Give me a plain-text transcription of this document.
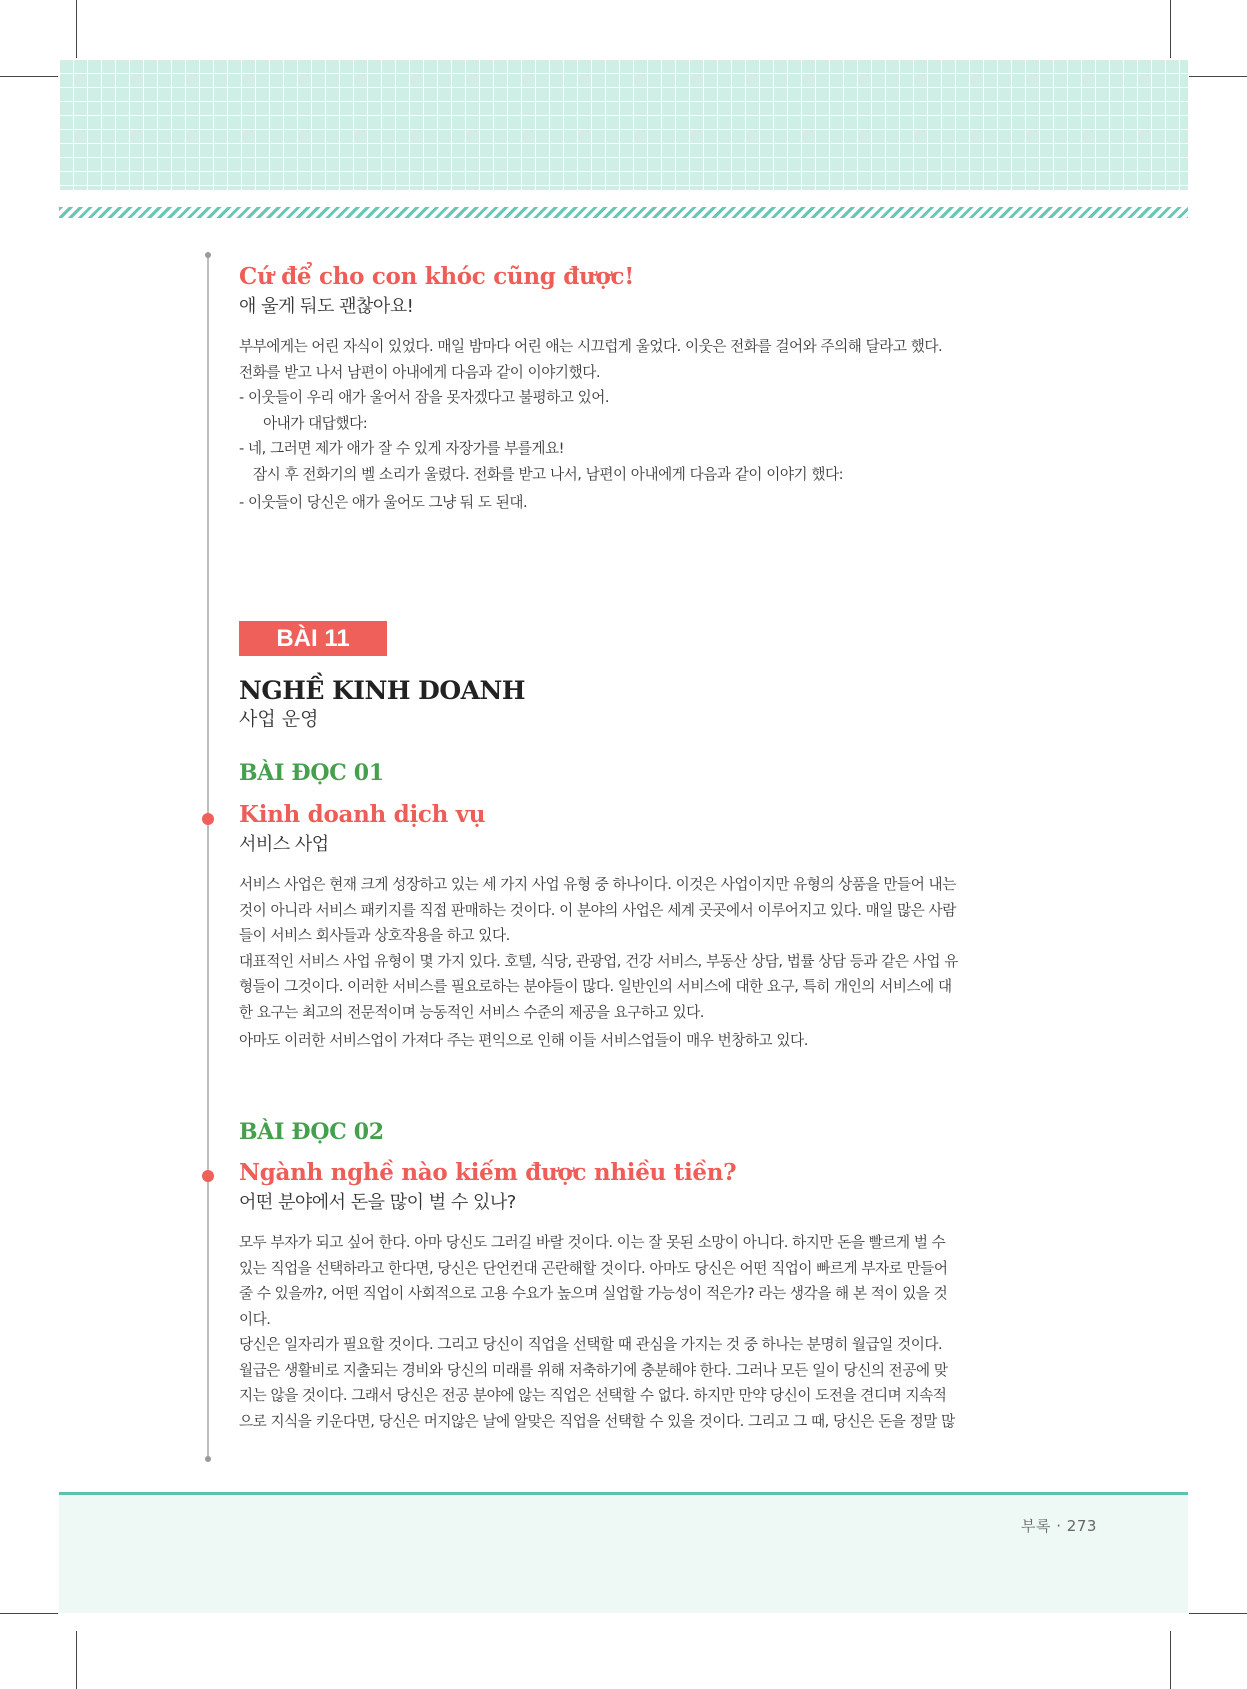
Cứ để cho con khóc cũng được!
애 울게 둬도 괜찮아요!

부부에게는 어린 자식이 있었다. 매일 밤마다 어린 애는 시끄럽게 울었다. 이웃은 전화를 걸어와 주의해 달라고 했다.

전화를 받고 나서 남편이 아내에게 다음과 같이 이야기했다.

- 이웃들이 우리 애가 울어서 잠을 못자겠다고 불평하고 있어.

아내가 대답했다:

- 네, 그러면 제가 애가 잘 수 있게 자장가를 부를게요!

잠시 후 전화기의 벨 소리가 울렸다. 전화를 받고 나서, 남편이 아내에게 다음과 같이 이야기 했다:

- 이웃들이 당신은 애가 울어도 그냥 둬 도 된대.

BÀI 11
NGHỀ KINH DOANH
사업 운영
BÀI ĐỌC 01
Kinh doanh dịch vụ
서비스 사업

서비스 사업은 현재 크게 성장하고 있는 세 가지 사업 유형 중 하나이다. 이것은 사업이지만 유형의 상품을 만들어 내는

것이 아니라 서비스 패키지를 직접 판매하는 것이다. 이 분야의 사업은 세계 곳곳에서 이루어지고 있다. 매일 많은 사람

들이 서비스 회사들과 상호작용을 하고 있다.

대표적인 서비스 사업 유형이 몇 가지 있다. 호텔, 식당, 관광업, 건강 서비스, 부동산 상담, 법률 상담 등과 같은 사업 유

형들이 그것이다. 이러한 서비스를 필요로하는 분야들이 많다. 일반인의 서비스에 대한 요구, 특히 개인의 서비스에 대

한 요구는 최고의 전문적이며 능동적인 서비스 수준의 제공을 요구하고 있다.

아마도 이러한 서비스업이 가져다 주는 편익으로 인해 이들 서비스업들이 매우 번창하고 있다.

BÀI ĐỌC 02
Ngành nghề nào kiếm được nhiều tiền?
어떤 분야에서 돈을 많이 벌 수 있나?

모두 부자가 되고 싶어 한다. 아마 당신도 그러길 바랄 것이다. 이는 잘 못된 소망이 아니다. 하지만 돈을 빨르게 벌 수

있는 직업을 선택하라고 한다면, 당신은 단언컨대 곤란해할 것이다. 아마도 당신은 어떤 직업이 빠르게 부자로 만들어

줄 수 있을까?, 어떤 직업이 사회적으로 고용 수요가 높으며 실업할 가능성이 적은가? 라는 생각을 해 본 적이 있을 것

이다.

당신은 일자리가 필요할 것이다. 그리고 당신이 직업을 선택할 때 관심을 가지는 것 중 하나는 분명히 월급일 것이다.

월급은 생활비로 지출되는 경비와 당신의 미래를 위해 저축하기에 충분해야 한다. 그러나 모든 일이 당신의 전공에 맞

지는 않을 것이다. 그래서 당신은 전공 분야에 않는 직업은 선택할 수 없다. 하지만 만약 당신이 도전을 견디며 지속적

으로 지식을 키운다면, 당신은 머지않은 날에 알맞은 직업을 선택할 수 있을 것이다. 그리고 그 때, 당신은 돈을 정말 많

부록 · 273
